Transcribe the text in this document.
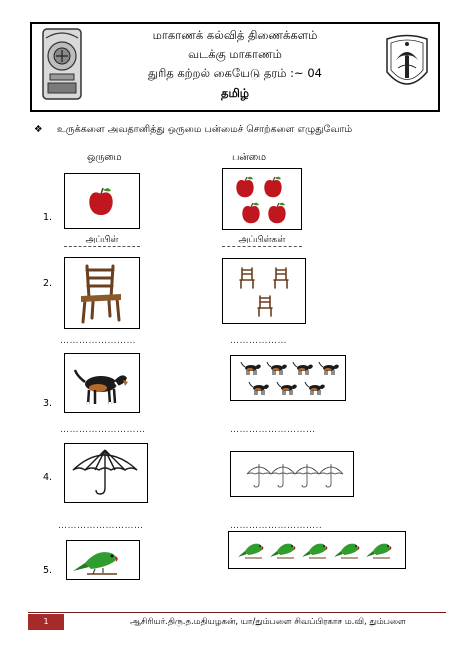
மாகாணக் கல்வித் திணைக்களம்
வடக்கு மாகாணம்
துரித கற்றல் கையேடு தரம் :~ 04
தமிழ்
❖ உருக்களை அவதானித்து ஒருமை பன்மைச் சொற்களை எழுதுவோம்
ஒருமை	பன்மை
1.
அப்பிள்	அப்பிள்கள்
2.
……………………	………………
3.
………………………	………………………
4.
………………………	………………………..
5.
1	ஆசிரியர்.திரு.த.மதியழகன், யா/தும்பளை சிவப்பிரகாச ம.வி, தும்பளை
